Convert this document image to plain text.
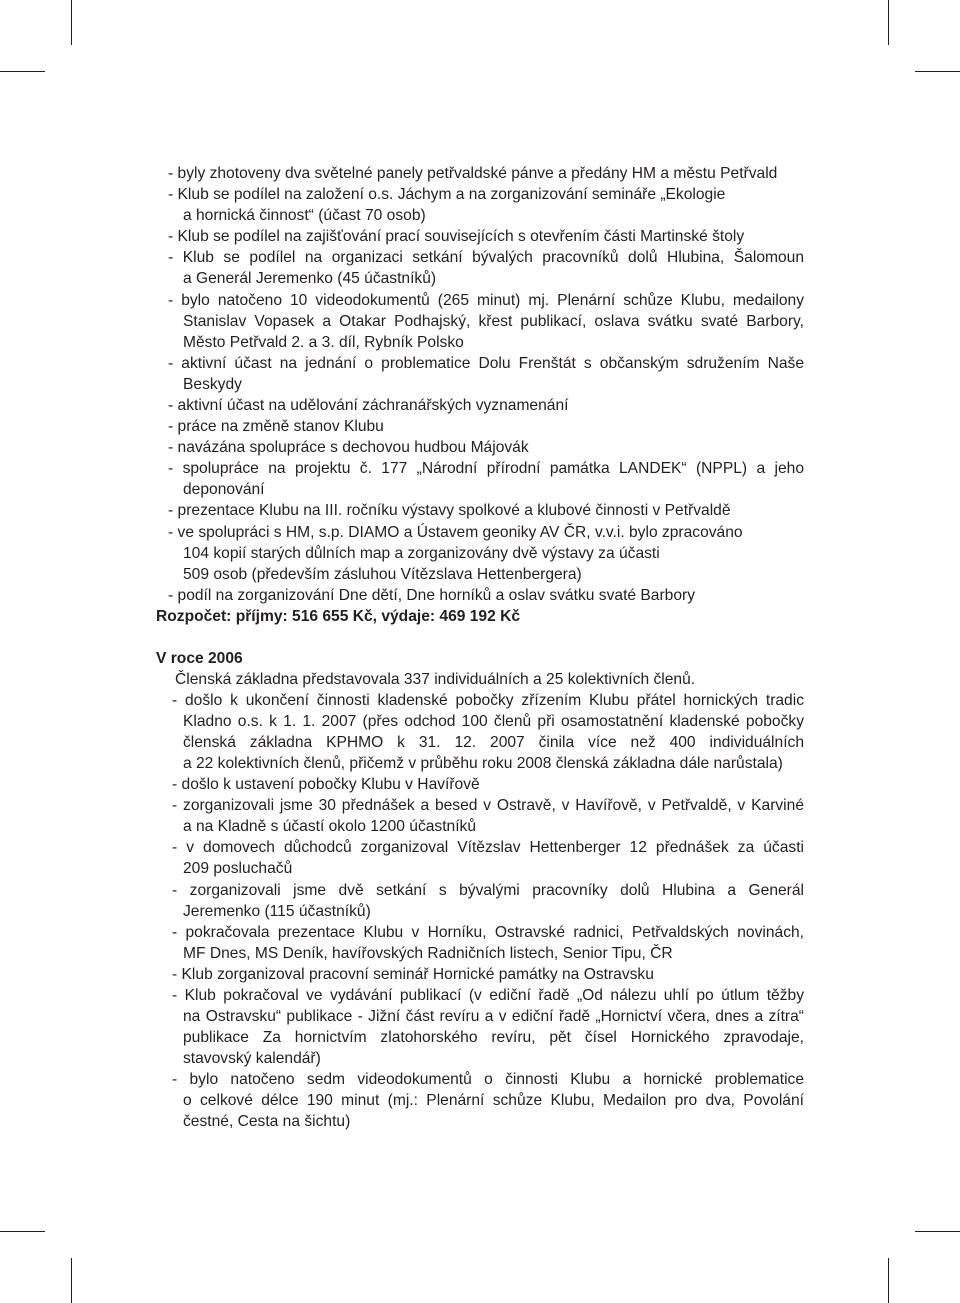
- byly zhotoveny dva světelné panely petřvaldské pánve a předány HM a městu Petřvald
- Klub se podílel na založení o.s. Jáchym a na zorganizování semináře „Ekologie
a hornická činnost“ (účast 70 osob)
- Klub se podílel na zajišťování prací souvisejících s otevřením části Martinské štoly
- Klub se podílel na organizaci setkání bývalých pracovníků dolů Hlubina, Šalomoun
a Generál Jeremenko (45 účastníků)
- bylo natočeno 10 videodokumentů (265 minut) mj. Plenární schůze Klubu, medailony
Stanislav Vopasek a Otakar Podhajský, křest publikací, oslava svátku svaté Barbory,
Město Petřvald 2. a 3. díl, Rybník Polsko
- aktivní účast na jednání o problematice Dolu Frenštát s občanským sdružením Naše
Beskydy
- aktivní účast na udělování záchranářských vyznamenání
- práce na změně stanov Klubu
- navázána spolupráce s dechovou hudbou Májovák
- spolupráce na projektu č. 177 „Národní přírodní památka LANDEK“ (NPPL) a jeho
deponování
- prezentace Klubu na III. ročníku výstavy spolkové a klubové činnosti v Petřvaldě
- ve spolupráci s HM, s.p. DIAMO a Ústavem geoniky AV ČR, v.v.i. bylo zpracováno
104 kopií starých důlních map a zorganizovány dvě výstavy za účasti
509 osob (především zásluhou Vítězslava Hettenbergera)
- podíl na zorganizování Dne dětí, Dne horníků a oslav svátku svaté Barbory
Rozpočet: příjmy: 516 655 Kč, výdaje: 469 192 Kč
V roce 2006
Členská základna představovala 337 individuálních a 25 kolektivních členů.
- došlo k ukončení činnosti kladenské pobočky zřízením Klubu přátel hornických tradic
Kladno o.s. k 1. 1. 2007 (přes odchod 100 členů při osamostatnění kladenské pobočky
členská základna KPHMO k 31. 12. 2007 činila více než 400 individuálních
a 22 kolektivních členů, přičemž v průběhu roku 2008 členská základna dále narůstala)
- došlo k ustavení pobočky Klubu v Havířově
- zorganizovali jsme 30 přednášek a besed v Ostravě, v Havířově, v Petřvaldě, v Karviné
a na Kladně s účastí okolo 1200 účastníků
- v domovech důchodců zorganizoval Vítězslav Hettenberger 12 přednášek za účasti
209 posluchačů
- zorganizovali jsme dvě setkání s bývalými pracovníky dolů Hlubina a Generál
Jeremenko (115 účastníků)
- pokračovala prezentace Klubu v Horníku, Ostravské radnici, Petřvaldských novinách,
MF Dnes, MS Deník, havířovských Radničních listech, Senior Tipu, ČR
- Klub zorganizoval pracovní seminář Hornické památky na Ostravsku
- Klub pokračoval ve vydávání publikací (v ediční řadě „Od nálezu uhlí po útlum těžby
na Ostravsku“ publikace - Jižní část revíru a v ediční řadě „Hornictví včera, dnes a zítra“
publikace Za hornictvím zlatohorského revíru, pět čísel Hornického zpravodaje,
stavovský kalendář)
- bylo natočeno sedm videodokumentů o činnosti Klubu a hornické problematice
o celkové délce 190 minut (mj.: Plenární schůze Klubu, Medailon pro dva, Povolání
čestné, Cesta na šichtu)
